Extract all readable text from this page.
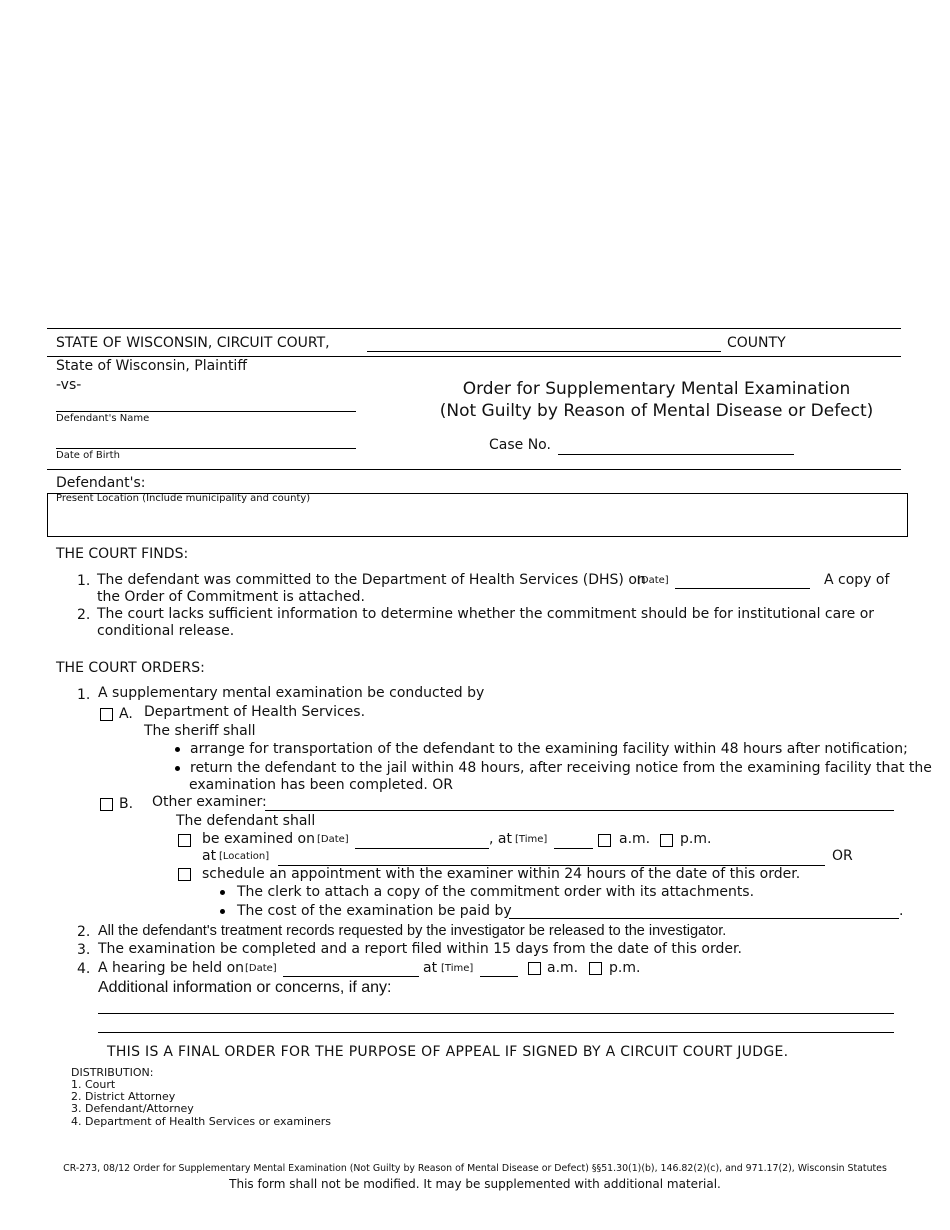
STATE OF WISCONSIN, CIRCUIT COURT,	COUNTY
State of Wisconsin, Plaintiff
-vs-
Defendant's Name
Date of Birth
Order for Supplementary Mental Examination
(Not Guilty by Reason of Mental Disease or Defect)
Case No.
Defendant's:
Present Location (Include municipality and county)
THE COURT FINDS:
1. The defendant was committed to the Department of Health Services (DHS) on
[Date]	A copy of
the Order of Commitment is attached.
2. The court lacks sufficient information to determine whether the commitment should be for institutional care or
conditional release.
THE COURT ORDERS:
1. A supplementary mental examination be conducted by
A. Department of Health Services.
The sheriff shall
arrange for transportation of the defendant to the examining facility within 48 hours after notification;
return the defendant to the jail within 48 hours, after receiving notice from the examining facility that the
examination has been completed. OR
B. Other examiner:
The defendant shall
be examined on [Date]	, at [Time]	a.m. p.m.
at [Location]	OR
schedule an appointment with the examiner within 24 hours of the date of this order.
The clerk to attach a copy of the commitment order with its attachments.
The cost of the examination be paid by	.
2. All the defendant's treatment records requested by the investigator be released to the investigator.
3. The examination be completed and a report filed within 15 days from the date of this order.
4. A hearing be held on [Date]	at [Time]	a.m. p.m.
Additional information or concerns, if any:
THIS IS A FINAL ORDER FOR THE PURPOSE OF APPEAL IF SIGNED BY A CIRCUIT COURT JUDGE.
DISTRIBUTION:
1. Court
2. District Attorney
3. Defendant/Attorney
4. Department of Health Services or examiners
CR-273, 08/12 Order for Supplementary Mental Examination (Not Guilty by Reason of Mental Disease or Defect) §§51.30(1)(b), 146.82(2)(c), and 971.17(2), Wisconsin Statutes
This form shall not be modified. It may be supplemented with additional material.
